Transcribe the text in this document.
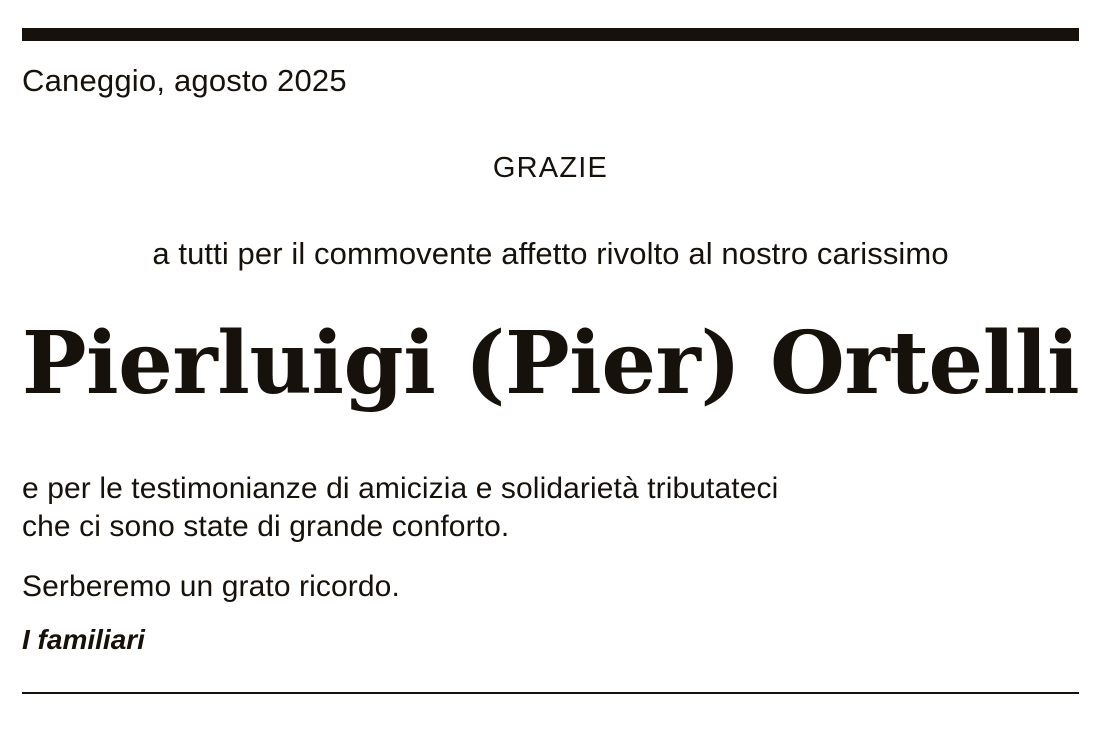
Caneggio, agosto 2025
GRAZIE
a tutti per il commovente affetto rivolto al nostro carissimo
Pierluigi (Pier) Ortelli
e per le testimonianze di amicizia e solidarietà tributateci
che ci sono state di grande conforto.
Serberemo un grato ricordo.
I familiari
